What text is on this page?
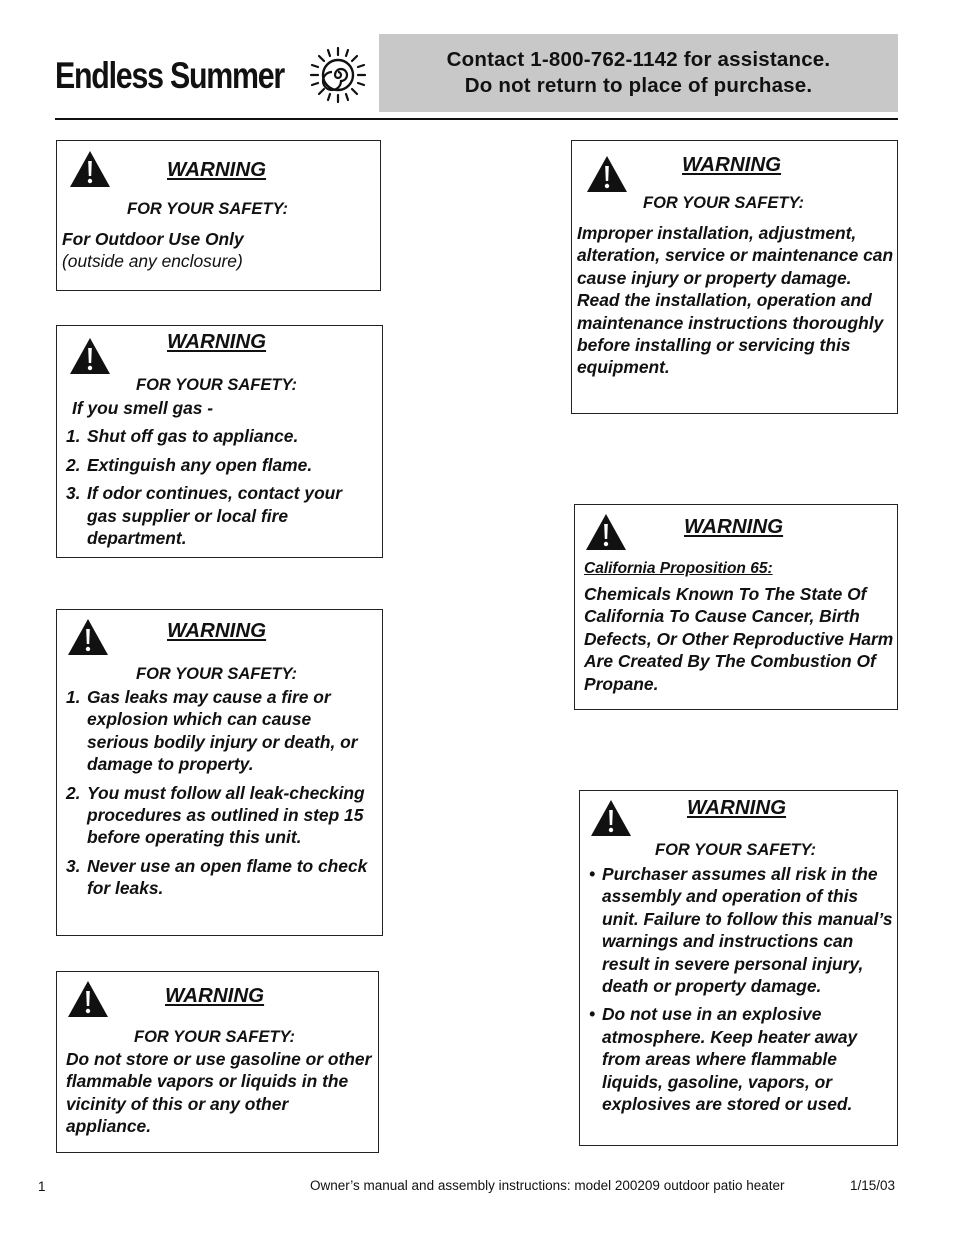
Endless Summer	Contact 1-800-762-1142 for assistance.
Do not return to place of purchase.
WARNING
FOR YOUR SAFETY:

For Outdoor Use Only

(outside any enclosure)

WARNING
FOR YOUR SAFETY:

If you smell gas -

1. Shut off gas to appliance.
2. Extinguish any open flame.
3. If odor continues, contact your gas supplier or local fire department.
WARNING
FOR YOUR SAFETY:
1. Gas leaks may cause a fire or explosion which can cause serious bodily injury or death, or damage to property.
2. You must follow all leak-checking procedures as outlined in step 15 before operating this unit.
3. Never use an open flame to check for leaks.
WARNING
FOR YOUR SAFETY:

Do not store or use gasoline or other flammable vapors or liquids in the vicinity of this or any other appliance.

WARNING
FOR YOUR SAFETY:

Improper installation, adjustment, alteration, service or maintenance can cause injury or property damage. Read the installation, operation and maintenance instructions thoroughly before installing or servicing this equipment.

WARNING
California Proposition 65:

Chemicals Known To The State Of California To Cause Cancer, Birth Defects, Or Other Reproductive Harm Are Created By The Combustion Of Propane.

WARNING
FOR YOUR SAFETY:
• Purchaser assumes all risk in the assembly and operation of this unit. Failure to follow this manual’s warnings and instructions can result in severe personal injury, death or property damage.
• Do not use in an explosive atmosphere. Keep heater away from areas where flammable liquids, gasoline, vapors, or explosives are stored or used.
1	Owner’s manual and assembly instructions: model 200209 outdoor patio heater	1/15/03
